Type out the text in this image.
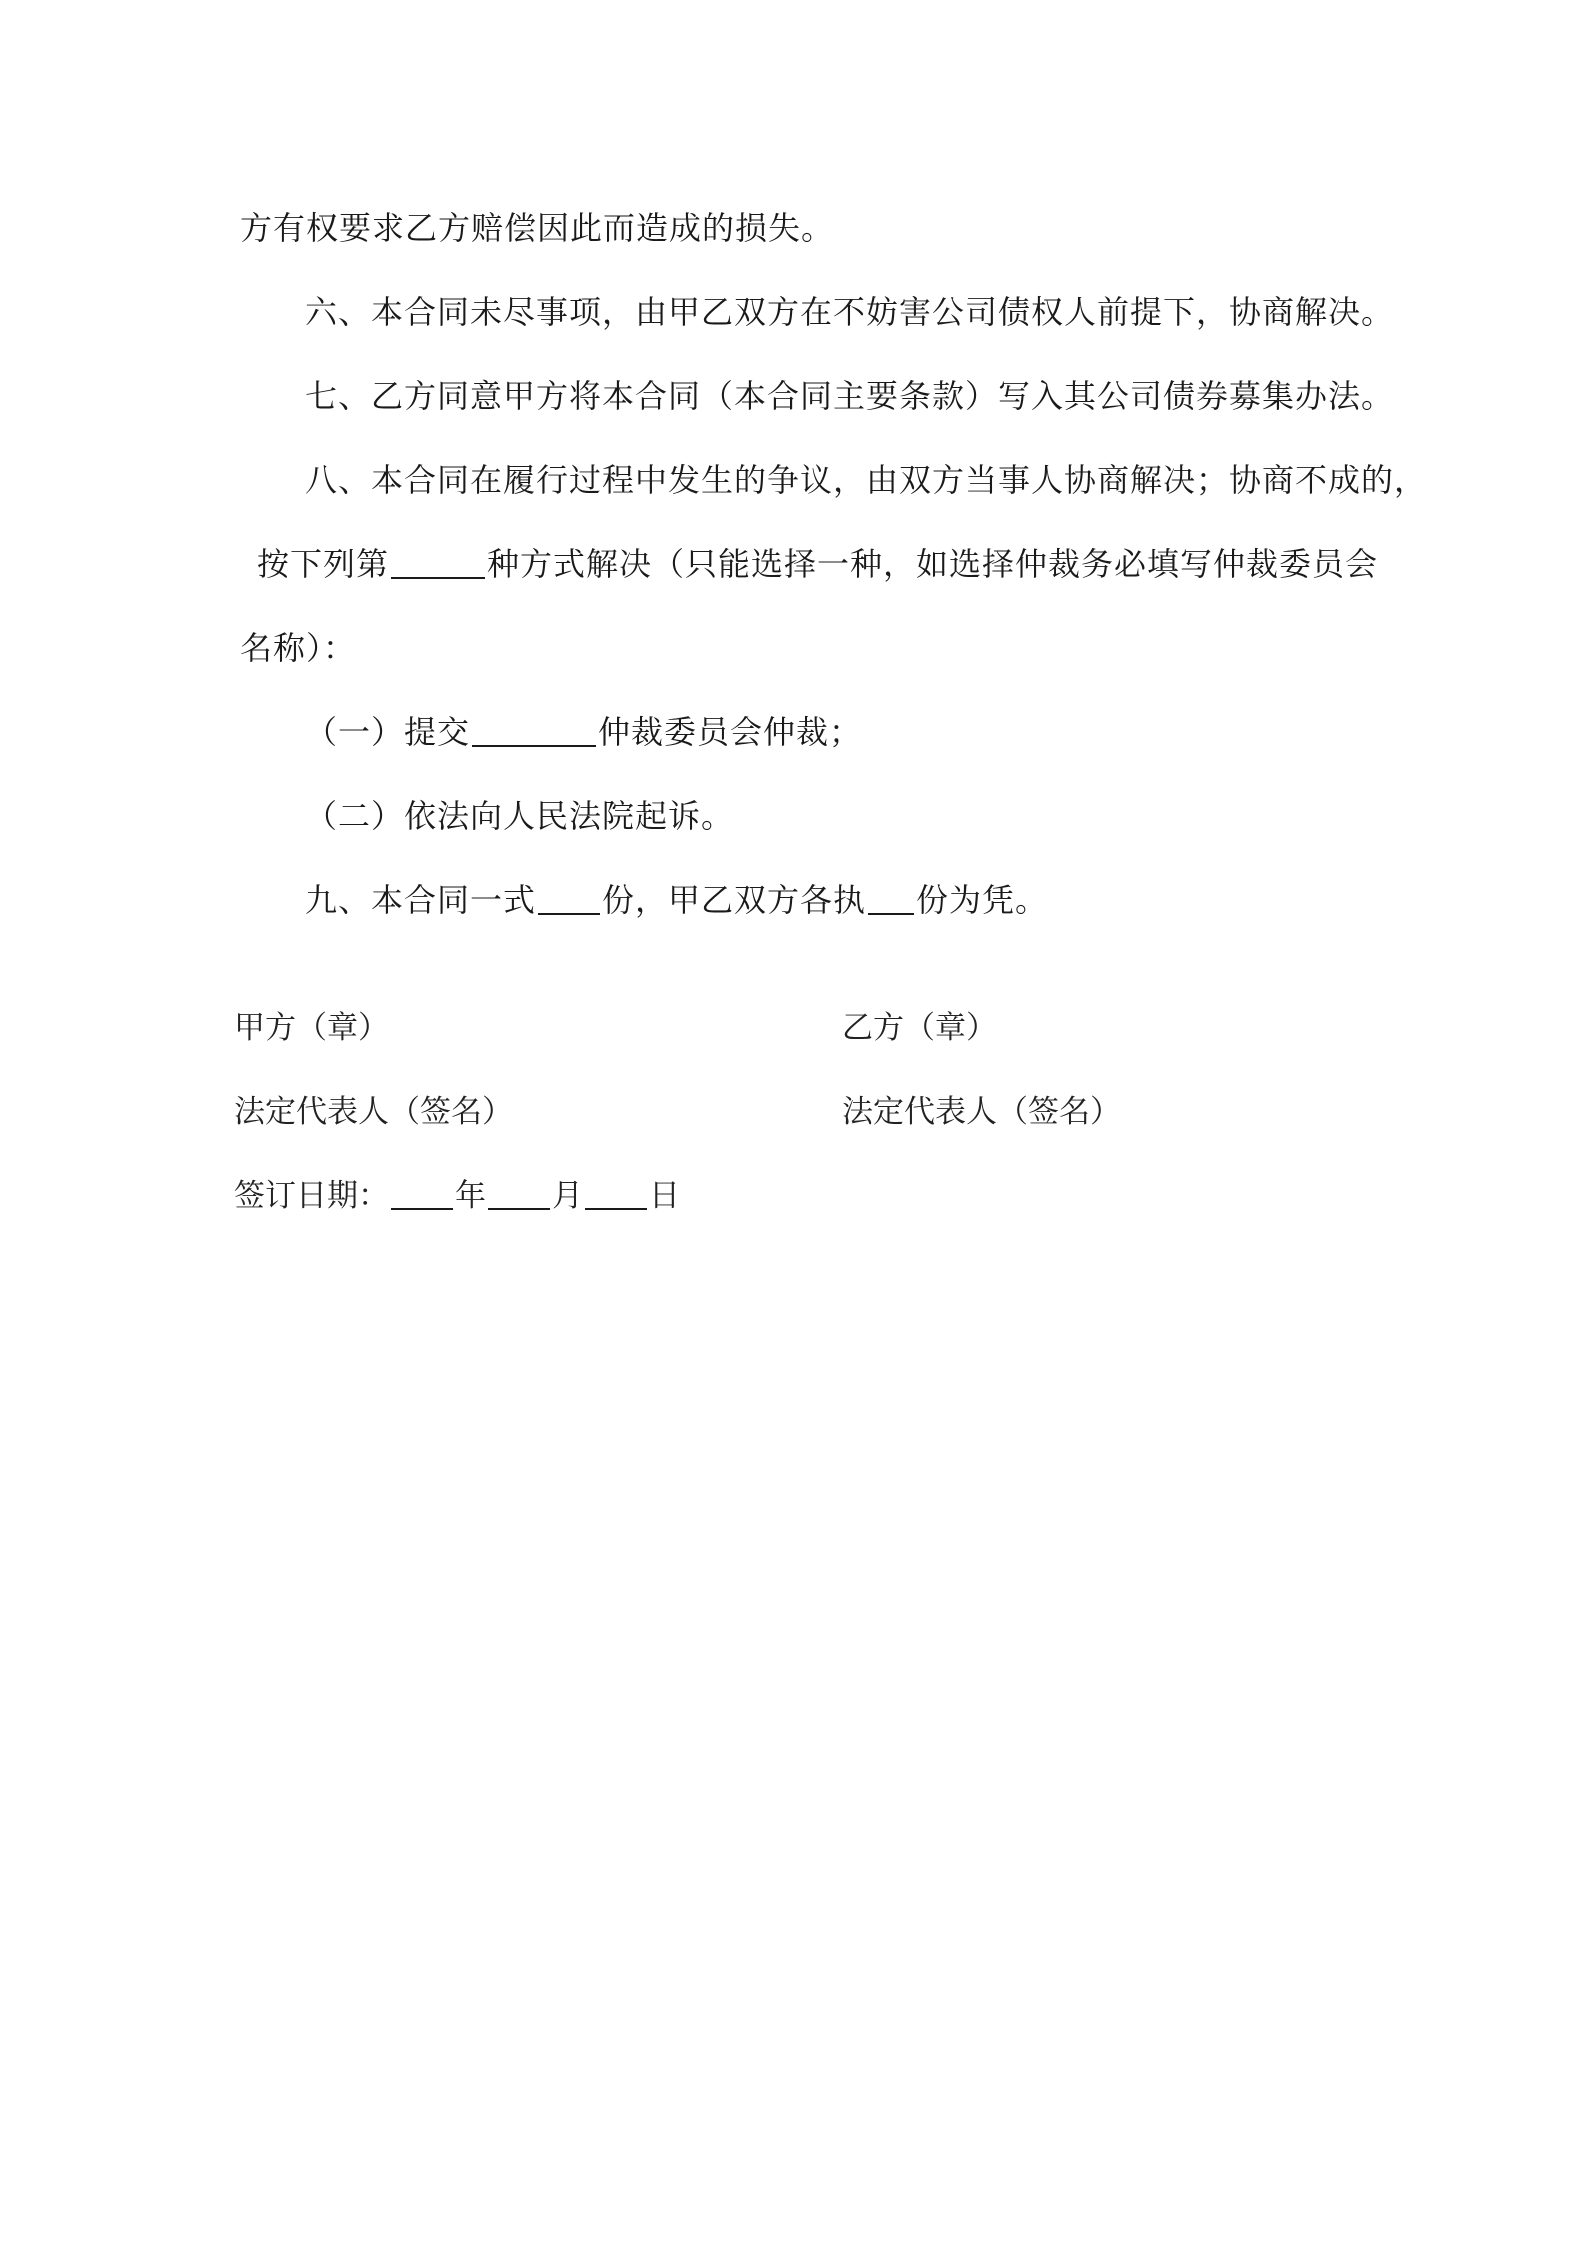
方有权要求乙方赔偿因此而造成的损失。
六、本合同未尽事项，由甲乙双方在不妨害公司债权人前提下，协商解决。
七、乙方同意甲方将本合同（本合同主要条款）写入其公司债券募集办法。
八、本合同在履行过程中发生的争议，由双方当事人协商解决；协商不成的，
按下列第	种方式解决（只能选择一种，如选择仲裁务必填写仲裁委员会
名称）：
（一）提交	仲裁委员会仲裁；
（二）依法向人民法院起诉。
九、本合同一式 份，甲乙双方各执 份为凭。
甲方（章）	乙方（章）
法定代表人（签名）	法定代表人（签名）
签订日期： 年 月 日
